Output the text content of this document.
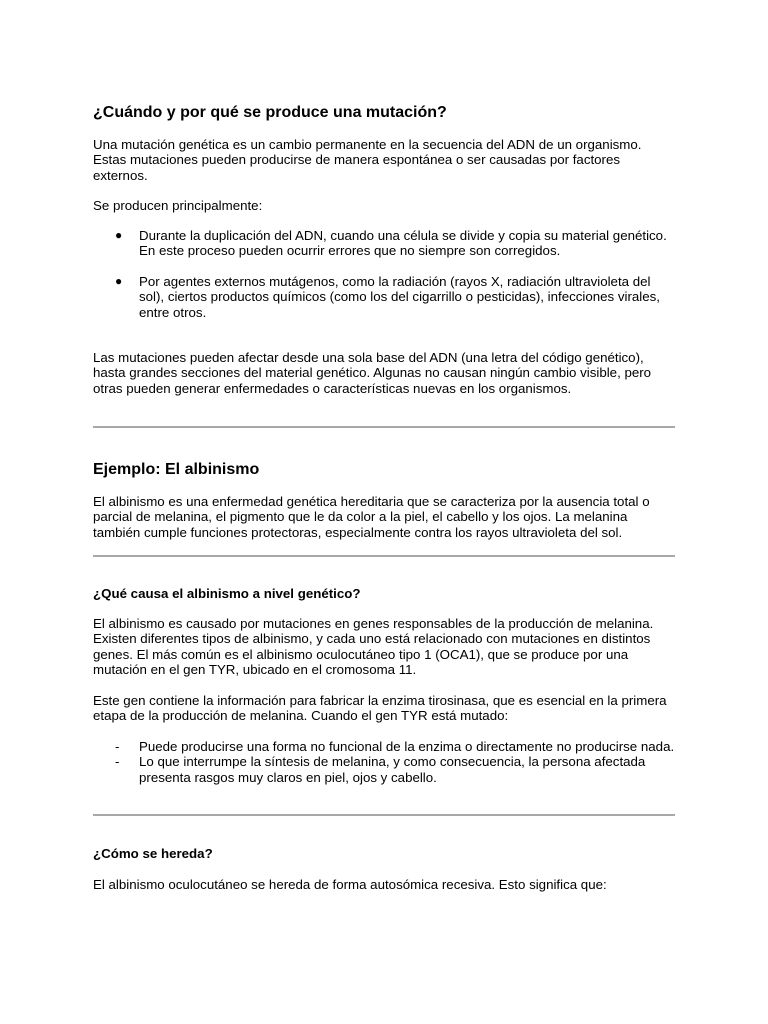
¿Cuándo y por qué se produce una mutación?

Una mutación genética es un cambio permanente en la secuencia del ADN de un organismo. Estas mutaciones pueden producirse de manera espontánea o ser causadas por factores externos.

Se producen principalmente:

● Durante la duplicación del ADN, cuando una célula se divide y copia su material genético. En este proceso pueden ocurrir errores que no siempre son corregidos.
● Por agentes externos mutágenos, como la radiación (rayos X, radiación ultravioleta del sol), ciertos productos químicos (como los del cigarrillo o pesticidas), infecciones virales, entre otros.

Las mutaciones pueden afectar desde una sola base del ADN (una letra del código genético), hasta grandes secciones del material genético. Algunas no causan ningún cambio visible, pero otras pueden generar enfermedades o características nuevas en los organismos.

Ejemplo: El albinismo

El albinismo es una enfermedad genética hereditaria que se caracteriza por la ausencia total o parcial de melanina, el pigmento que le da color a la piel, el cabello y los ojos. La melanina también cumple funciones protectoras, especialmente contra los rayos ultravioleta del sol.

¿Qué causa el albinismo a nivel genético?

El albinismo es causado por mutaciones en genes responsables de la producción de melanina. Existen diferentes tipos de albinismo, y cada uno está relacionado con mutaciones en distintos genes. El más común es el albinismo oculocutáneo tipo 1 (OCA1), que se produce por una mutación en el gen TYR, ubicado en el cromosoma 11.

Este gen contiene la información para fabricar la enzima tirosinasa, que es esencial en la primera etapa de la producción de melanina. Cuando el gen TYR está mutado:

- Puede producirse una forma no funcional de la enzima o directamente no producirse nada.
- Lo que interrumpe la síntesis de melanina, y como consecuencia, la persona afectada presenta rasgos muy claros en piel, ojos y cabello.
¿Cómo se hereda?

El albinismo oculocutáneo se hereda de forma autosómica recesiva. Esto significa que:
